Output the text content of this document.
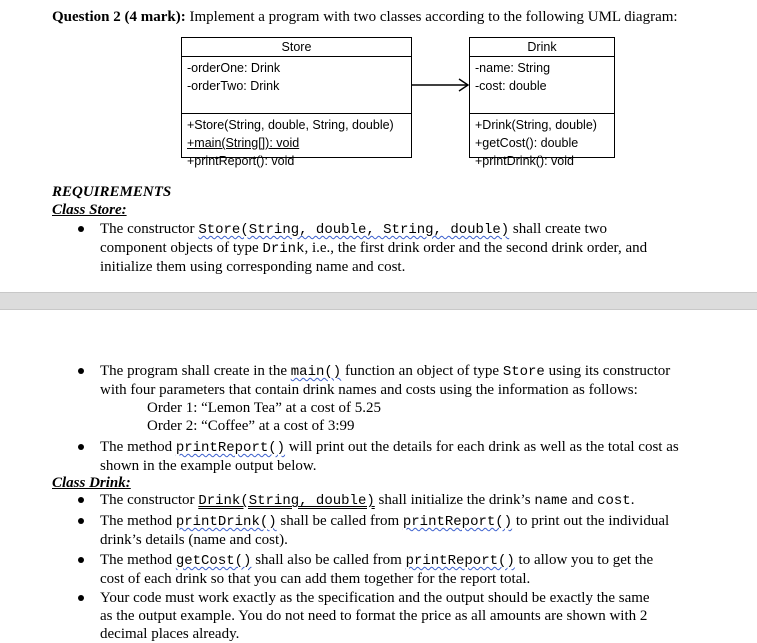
Question 2 (4 mark): Implement a program with two classes according to the following UML diagram:
Store
-orderOne: Drink
-orderTwo: Drink
+Store(String, double, String, double)
+main(String[]): void
+printReport(): void
Drink
-name: String
-cost: double
+Drink(String, double)
+getCost(): double
+printDrink(): void
REQUIREMENTS
Class Store:
The constructor Store(String, double, String, double) shall create two
component objects of type Drink, i.e., the first drink order and the second drink order, and
initialize them using corresponding name and cost.
The program shall create in the main() function an object of type Store using its constructor
with four parameters that contain drink names and costs using the information as follows:
Order 1: “Lemon Tea” at a cost of 5.25
Order 2: “Coffee” at a cost of 3:99
The method printReport() will print out the details for each drink as well as the total cost as
shown in the example output below.
Class Drink:
The constructor Drink(String, double) shall initialize the drink’s name and cost.
The method printDrink() shall be called from printReport() to print out the individual
drink’s details (name and cost).
The method getCost() shall also be called from printReport() to allow you to get the
cost of each drink so that you can add them together for the report total.
Your code must work exactly as the specification and the output should be exactly the same
as the output example. You do not need to format the price as all amounts are shown with 2
decimal places already.
